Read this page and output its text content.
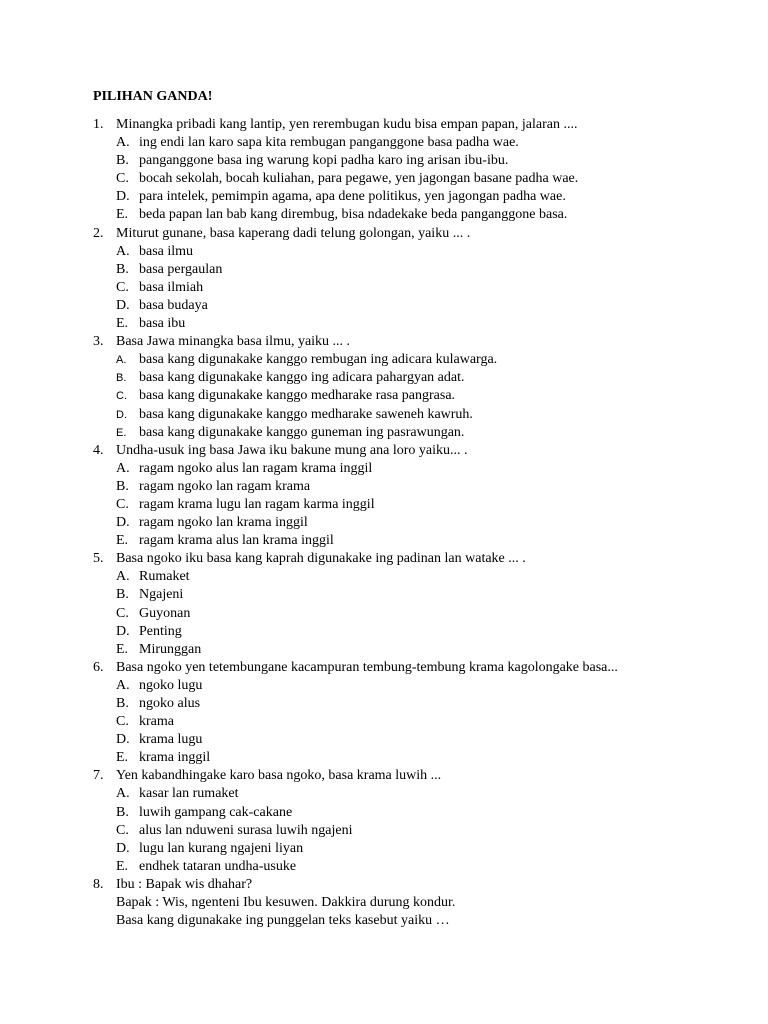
PILIHAN GANDA!
1. Minangka pribadi kang lantip, yen rerembugan kudu bisa empan papan, jalaran ....
A. ing endi lan karo sapa kita rembugan panganggone basa padha wae.
B. panganggone basa ing warung kopi padha karo ing arisan ibu-ibu.
C. bocah sekolah, bocah kuliahan, para pegawe, yen jagongan basane padha wae.
D. para intelek, pemimpin agama, apa dene politikus, yen jagongan padha wae.
E. beda papan lan bab kang dirembug, bisa ndadekake beda panganggone basa.
2. Miturut gunane, basa kaperang dadi telung golongan, yaiku ... .
A. basa ilmu
B. basa pergaulan
C. basa ilmiah
D. basa budaya
E. basa ibu
3. Basa Jawa minangka basa ilmu, yaiku ... .
A. basa kang digunakake kanggo rembugan ing adicara kulawarga.
B. basa kang digunakake kanggo ing adicara pahargyan adat.
C. basa kang digunakake kanggo medharake rasa pangrasa.
D. basa kang digunakake kanggo medharake saweneh kawruh.
E. basa kang digunakake kanggo guneman ing pasrawungan.
4. Undha-usuk ing basa Jawa iku bakune mung ana loro yaiku... .
A. ragam ngoko alus lan ragam krama inggil
B. ragam ngoko lan ragam krama
C. ragam krama lugu lan ragam karma inggil
D. ragam ngoko lan krama inggil
E. ragam krama alus lan krama inggil
5. Basa ngoko iku basa kang kaprah digunakake ing padinan lan watake ... .
A. Rumaket
B. Ngajeni
C. Guyonan
D. Penting
E. Mirunggan
6. Basa ngoko yen tetembungane kacampuran tembung-tembung krama kagolongake basa...
A. ngoko lugu
B. ngoko alus
C. krama
D. krama lugu
E. krama inggil
7. Yen kabandhingake karo basa ngoko, basa krama luwih ...
A. kasar lan rumaket
B. luwih gampang cak-cakane
C. alus lan nduweni surasa luwih ngajeni
D. lugu lan kurang ngajeni liyan
E. endhek tataran undha-usuke
8. Ibu : Bapak wis dhahar?
Bapak : Wis, ngenteni Ibu kesuwen. Dakkira durung kondur.
Basa kang digunakake ing punggelan teks kasebut yaiku …
